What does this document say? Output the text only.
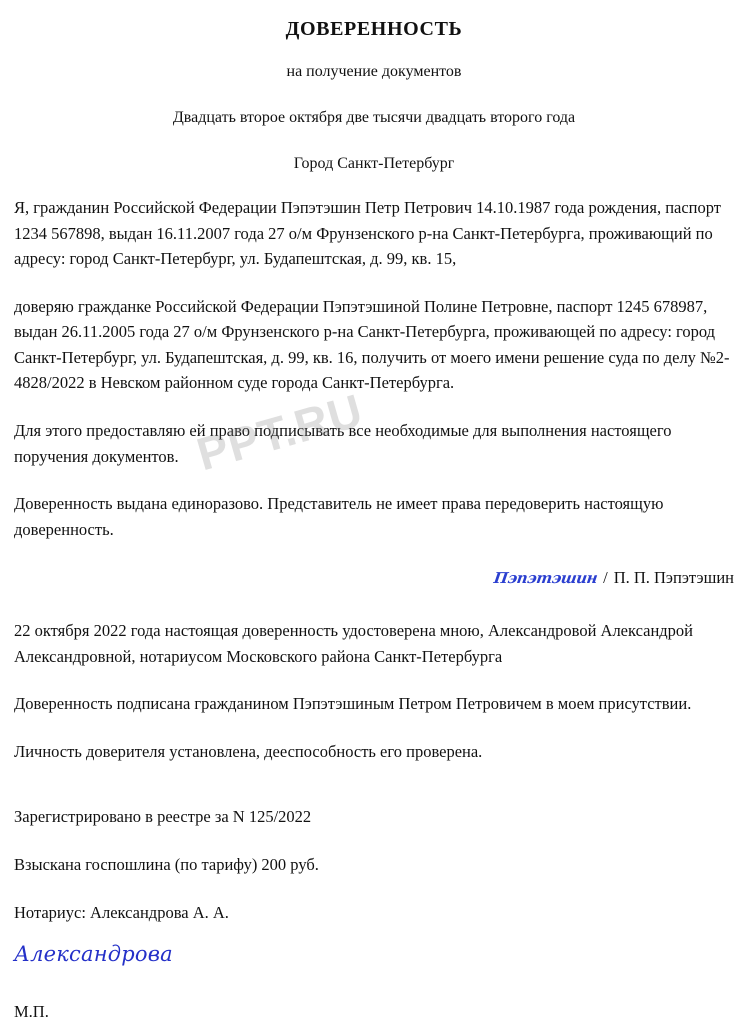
PPT.RU
ДОВЕРЕННОСТЬ
на получение документов
Двадцать второе октября две тысячи двадцать второго года
Город Санкт-Петербург

Я, гражданин Российской Федерации Пэпэтэшин Петр Петрович 14.10.1987 года рождения, паспорт 1234 567898, выдан 16.11.2007 года 27 о/м Фрунзенского р-на Санкт-Петербурга, проживающий по адресу: город Санкт-Петербург, ул. Будапештская, д. 99, кв. 15,

доверяю гражданке Российской Федерации Пэпэтэшиной Полине Петровне, паспорт 1245 678987, выдан 26.11.2005 года 27 о/м Фрунзенского р-на Санкт-Петербурга, проживающей по адресу: город Санкт-Петербург, ул. Будапештская, д. 99, кв. 16, получить от моего имени решение суда по делу №2-4828/2022 в Невском районном суде города Санкт-Петербурга.

Для этого предоставляю ей право подписывать все необходимые для выполнения настоящего поручения документов.

Доверенность выдана единоразово. Представитель не имеет права передоверить настоящую доверенность.

Пэпэтэшин / П. П. Пэпэтэшин

22 октября 2022 года настоящая доверенность удостоверена мною, Александровой Александрой Александровной, нотариусом Московского района Санкт-Петербурга

Доверенность подписана гражданином Пэпэтэшиным Петром Петровичем в моем присутствии.

Личность доверителя установлена, дееспособность его проверена.

Зарегистрировано в реестре за N 125/2022

Взыскана госпошлина (по тарифу) 200 руб.

Нотариус: Александрова А. А.

Александрова
М.П.
